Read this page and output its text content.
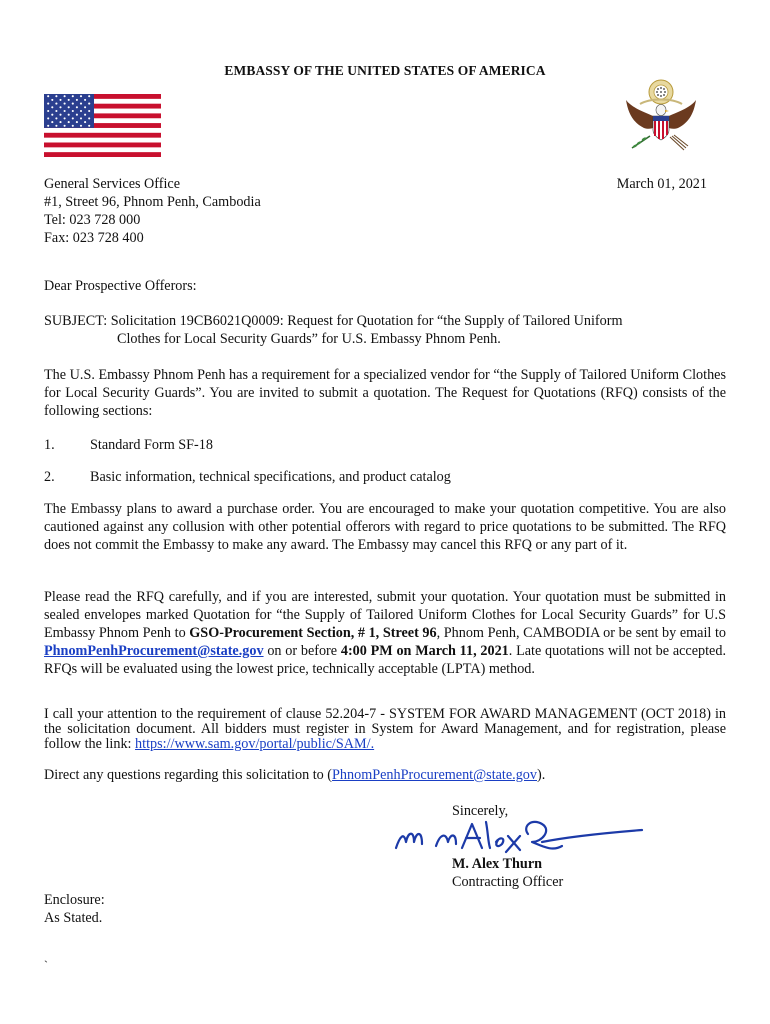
EMBASSY OF THE UNITED STATES OF AMERICA
General Services Office
#1, Street 96, Phnom Penh, Cambodia
Tel: 023 728 000
Fax: 023 728 400
March 01, 2021
Dear Prospective Offerors:
SUBJECT: Solicitation 19CB6021Q0009: Request for Quotation for “the Supply of Tailored Uniform
Clothes for Local Security Guards” for U.S. Embassy Phnom Penh.
The U.S. Embassy Phnom Penh has a requirement for a specialized vendor for “the Supply of Tailored Uniform Clothes for Local Security Guards”. You are invited to submit a quotation. The Request for Quotations (RFQ) consists of the following sections:
1. Standard Form SF-18
2. Basic information, technical specifications, and product catalog
The Embassy plans to award a purchase order. You are encouraged to make your quotation competitive. You are also cautioned against any collusion with other potential offerors with regard to price quotations to be submitted. The RFQ does not commit the Embassy to make any award. The Embassy may cancel this RFQ or any part of it.
Please read the RFQ carefully, and if you are interested, submit your quotation. Your quotation must be submitted in sealed envelopes marked Quotation for “the Supply of Tailored Uniform Clothes for Local Security Guards” for U.S Embassy Phnom Penh to GSO-Procurement Section, # 1, Street 96, Phnom Penh, CAMBODIA or be sent by email to PhnomPenhProcurement@state.gov on or before 4:00 PM on March 11, 2021. Late quotations will not be accepted. RFQs will be evaluated using the lowest price, technically acceptable (LPTA) method.
I call your attention to the requirement of clause 52.204-7 - SYSTEM FOR AWARD MANAGEMENT (OCT 2018) in the solicitation document. All bidders must register in System for Award Management, and for registration, please follow the link: https://www.sam.gov/portal/public/SAM/.
Direct any questions regarding this solicitation to (PhnomPenhProcurement@state.gov).
Sincerely,
M. Alex Thurn
Contracting Officer
Enclosure:
As Stated.
`
